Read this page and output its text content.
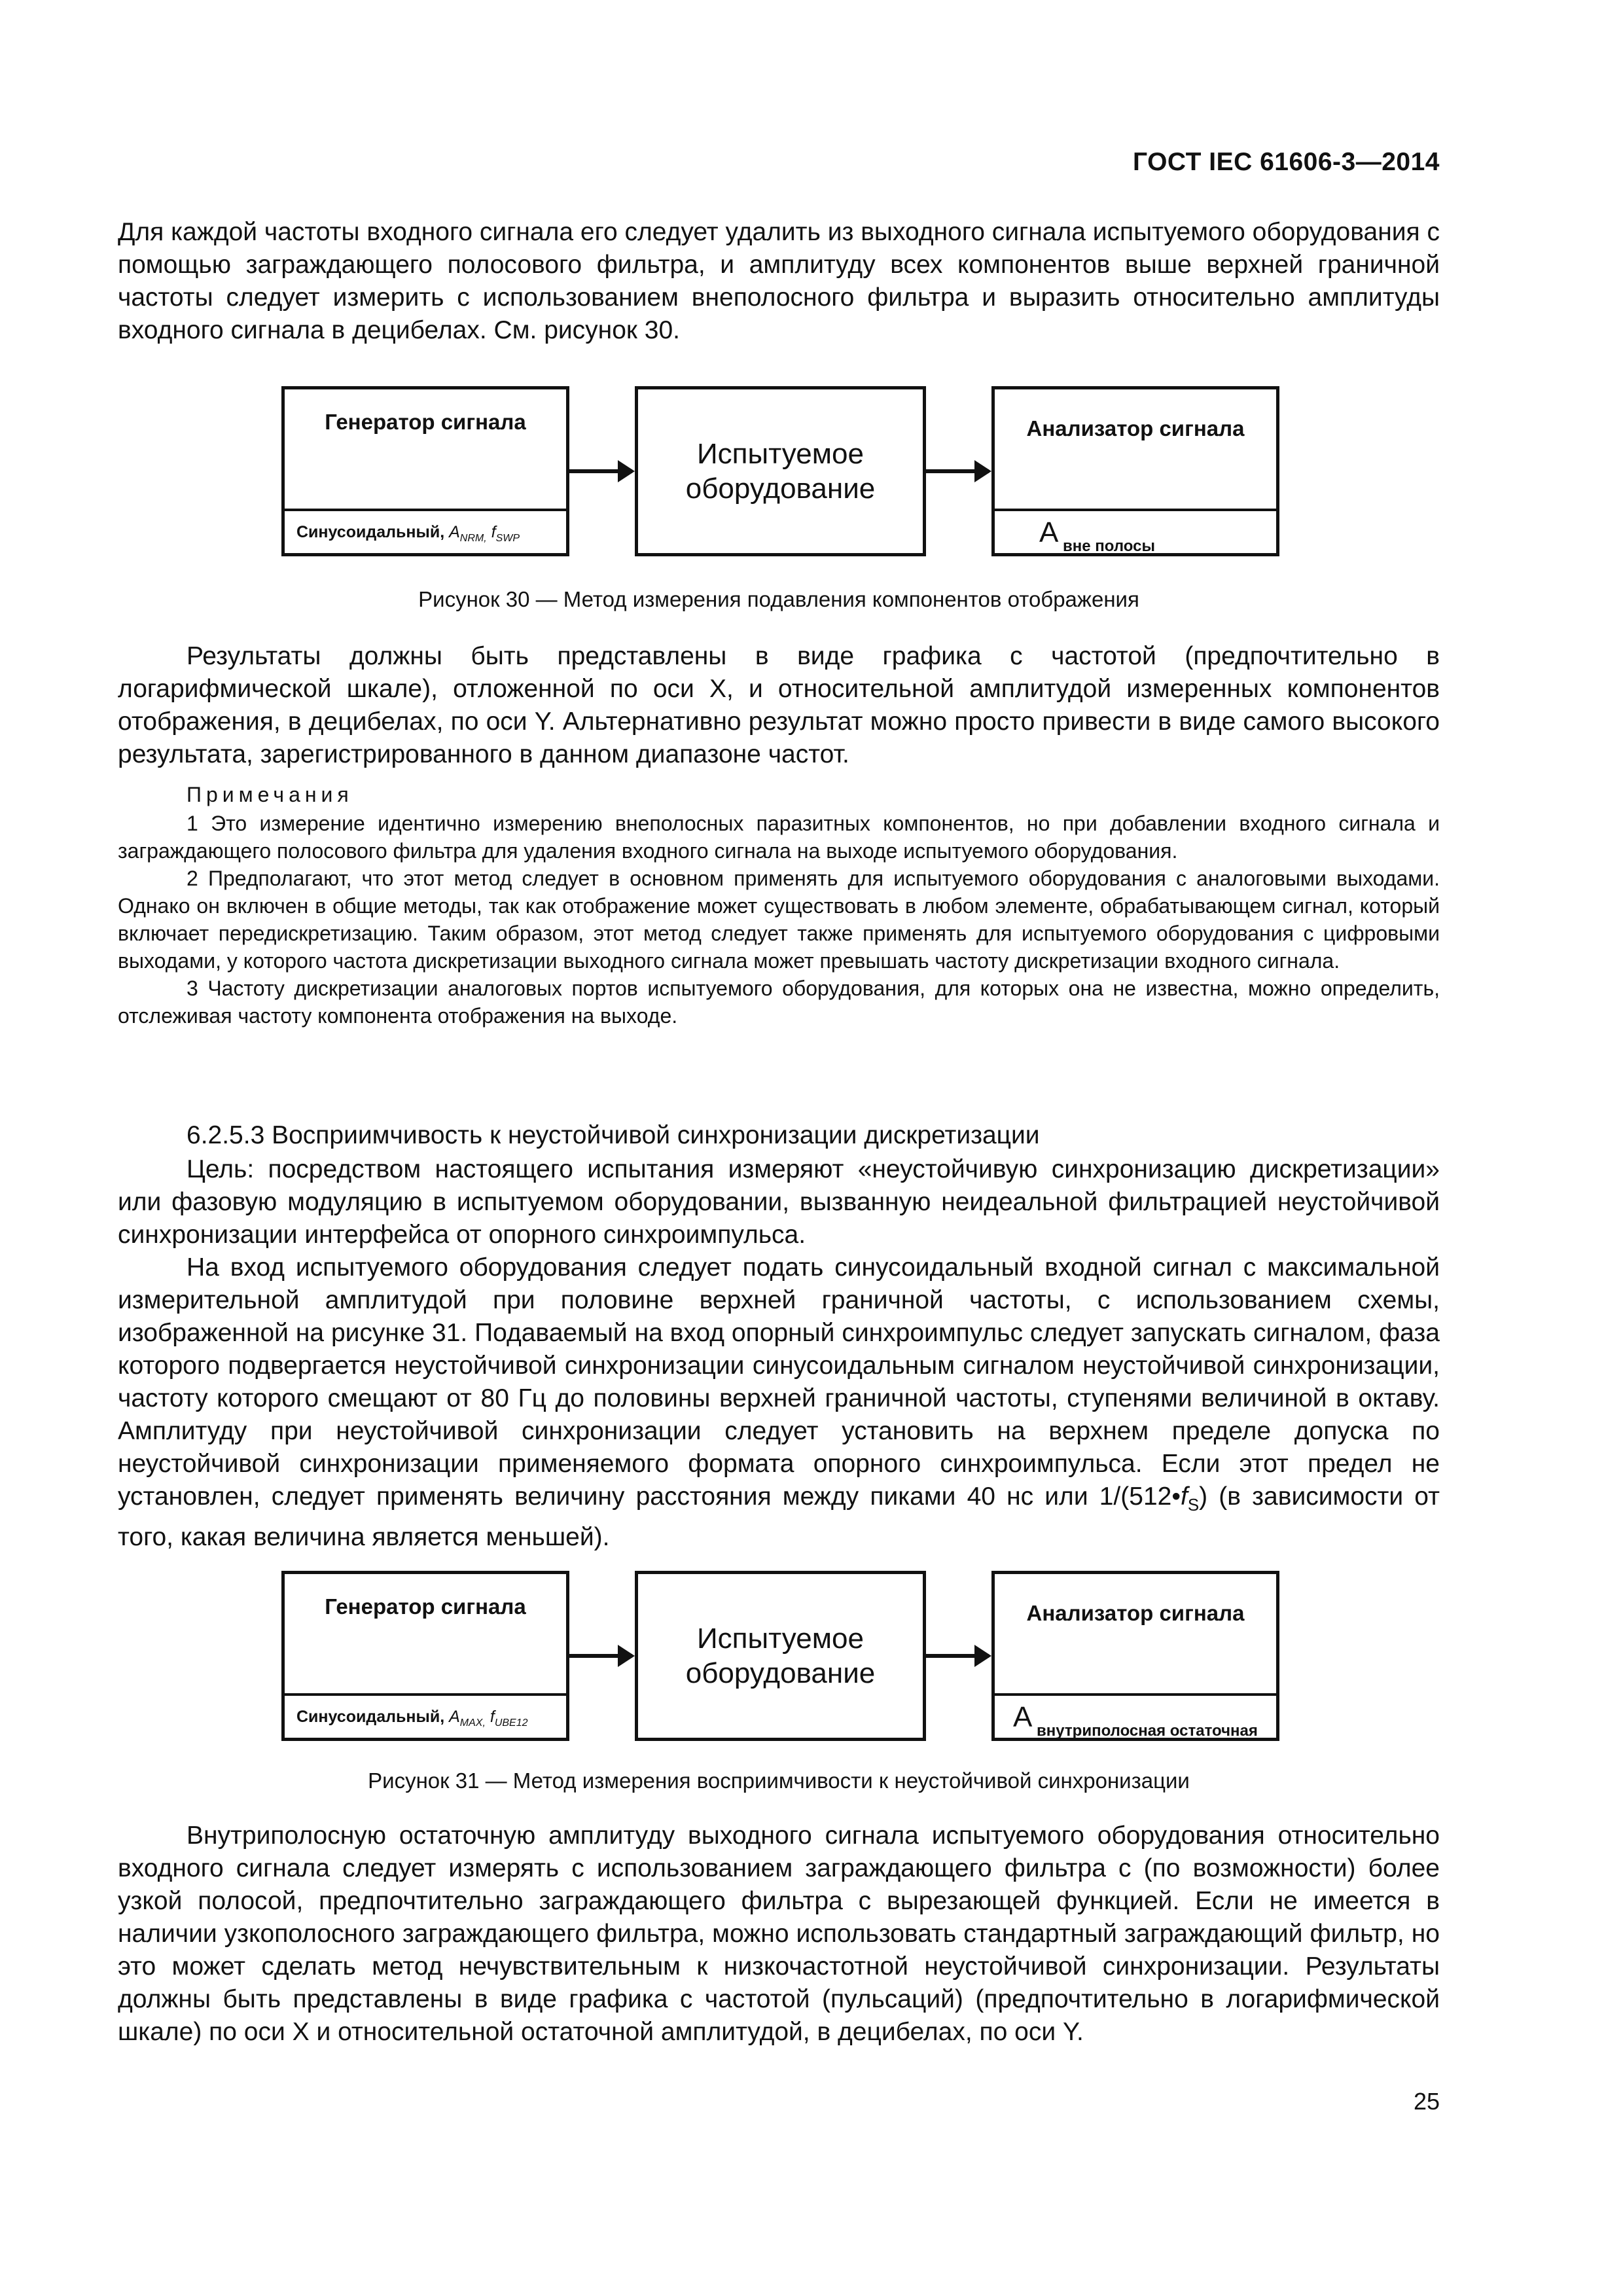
ГОСТ IEC 61606-3—2014

Для каждой частоты входного сигнала его следует удалить из выходного сигнала испытуемого оборудования с помощью заграждающего полосового фильтра, и амплитуду всех компонентов выше верхней граничной частоты следует измерить с использованием внеполосного фильтра и выразить относительно амплитуды входного сигнала в децибелах. См. рисунок 30.

Генератор сигнала
Синусоидальный, $A_{NRM,}$ $f_{SWP}$
Испытуемое оборудование
Анализатор сигнала
A $_{вне полосы}$
Рисунок 30 — Метод измерения подавления компонентов отображения

Результаты должны быть представлены в виде графика с частотой (предпочтительно в логарифмической шкале), отложенной по оси X, и относительной амплитудой измеренных компонентов отображения, в децибелах, по оси Y. Альтернативно результат можно просто привести в виде самого высокого результата, зарегистрированного в данном диапазоне частот.

Примечания

1 Это измерение идентично измерению внеполосных паразитных компонентов, но при добавлении входного сигнала и заграждающего полосового фильтра для удаления входного сигнала на выходе испытуемого оборудования.

2 Предполагают, что этот метод следует в основном применять для испытуемого оборудования с аналоговыми выходами. Однако он включен в общие методы, так как отображение может существовать в любом элементе, обрабатывающем сигнал, который включает передискретизацию. Таким образом, этот метод следует также применять для испытуемого оборудования с цифровыми выходами, у которого частота дискретизации выходного сигнала может превышать частоту дискретизации входного сигнала.

3 Частоту дискретизации аналоговых портов испытуемого оборудования, для которых она не известна, можно определить, отслеживая частоту компонента отображения на выходе.

6.2.5.3 Восприимчивость к неустойчивой синхронизации дискретизации

Цель: посредством настоящего испытания измеряют «неустойчивую синхронизацию дискретизации» или фазовую модуляцию в испытуемом оборудовании, вызванную неидеальной фильтрацией неустойчивой синхронизации интерфейса от опорного синхроимпульса.

На вход испытуемого оборудования следует подать синусоидальный входной сигнал с максимальной измерительной амплитудой при половине верхней граничной частоты, с использованием схемы, изображенной на рисунке 31. Подаваемый на вход опорный синхроимпульс следует запускать сигналом, фаза которого подвергается неустойчивой синхронизации синусоидальным сигналом неустойчивой синхронизации, частоту которого смещают от 80 Гц до половины верхней граничной частоты, ступенями величиной в октаву. Амплитуду при неустойчивой синхронизации следует установить на верхнем пределе допуска по неустойчивой синхронизации применяемого формата опорного синхроимпульса. Если этот предел не установлен, следует применять величину расстояния между пиками 40 нс или $1/(512•f_S)$ (в зависимости от того, какая величина является меньшей).

Генератор сигнала
Синусоидальный, $A_{MAX,}$ $f_{UBE12}$
Испытуемое оборудование
Анализатор сигнала
A $_{внутриполосная остаточная}$
Рисунок 31 — Метод измерения восприимчивости к неустойчивой синхронизации

Внутриполосную остаточную амплитуду выходного сигнала испытуемого оборудования относительно входного сигнала следует измерять с использованием заграждающего фильтра с (по возможности) более узкой полосой, предпочтительно заграждающего фильтра с вырезающей функцией. Если не имеется в наличии узкополосного заграждающего фильтра, можно использовать стандартный заграждающий фильтр, но это может сделать метод нечувствительным к низкочастотной неустойчивой синхронизации. Результаты должны быть представлены в виде графика с частотой (пульсаций) (предпочтительно в логарифмической шкале) по оси X и относительной остаточной амплитудой, в децибелах, по оси Y.

25
